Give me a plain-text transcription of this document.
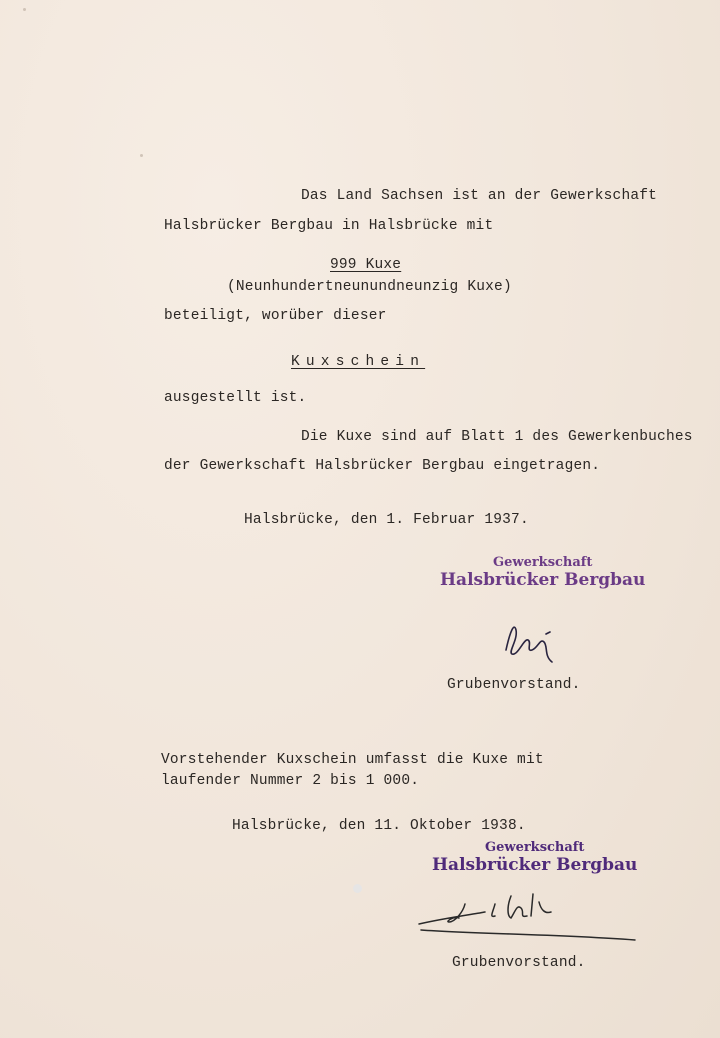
Das Land Sachsen ist an der Gewerkschaft
Halsbrücker Bergbau in Halsbrücke mit
999 Kuxe
(Neunhundertneunundneunzig Kuxe)
beteiligt, worüber dieser
Kuxschein
ausgestellt ist.
Die Kuxe sind auf Blatt 1 des Gewerkenbuches
der Gewerkschaft Halsbrücker Bergbau eingetragen.
Halsbrücke, den 1. Februar 1937.
Gewerkschaft
Halsbrücker Bergbau
Grubenvorstand.
Vorstehender Kuxschein umfasst die Kuxe mit
laufender Nummer 2 bis 1 000.
Halsbrücke, den 11. Oktober 1938.
Gewerkschaft
Halsbrücker Bergbau
Grubenvorstand.
